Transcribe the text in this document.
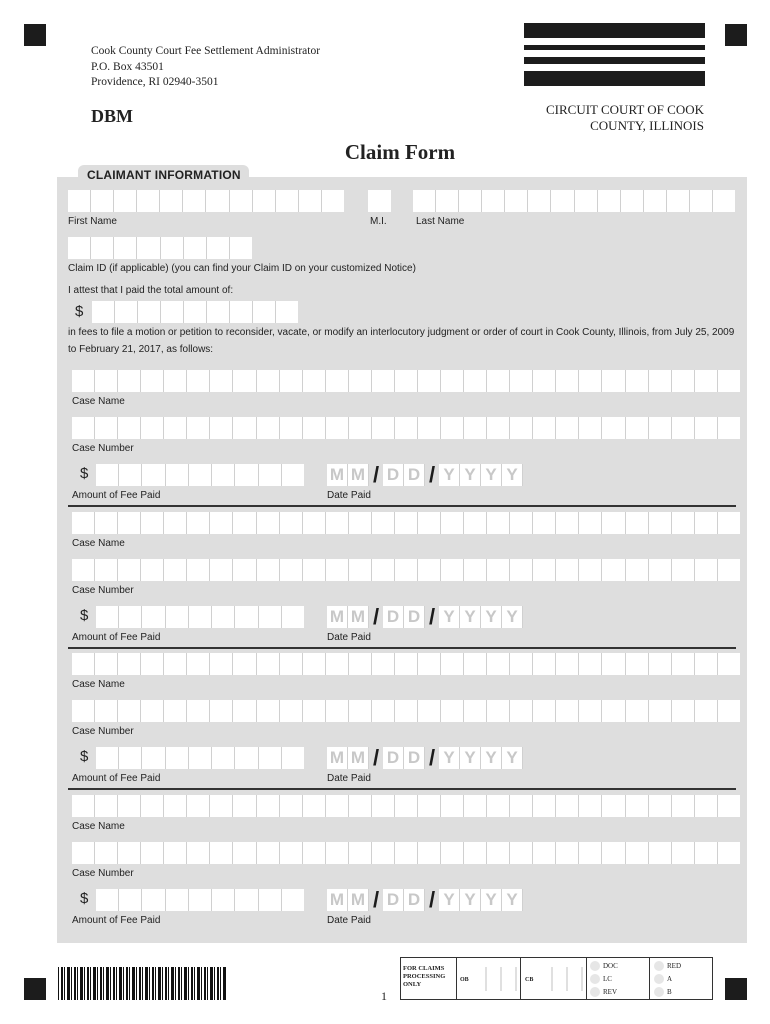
Cook County Court Fee Settlement Administrator
P.O. Box 43501
Providence, RI 02940-3501
DBM	CIRCUIT COURT OF COOK
COUNTY, ILLINOIS
Claim Form
CLAIMANT INFORMATION
First Name	M.I.	Last Name
Claim ID (if applicable) (you can find your Claim ID on your customized Notice)
I attest that I paid the total amount of:
$
in fees to file a motion or petition to reconsider, vacate, or modify an interlocutory judgment or order of court in Cook County, Illinois, from July 25, 2009 to February 21, 2017, as follows:
Case Name
Case Number
$
Amount of Fee Paid
M M / D D / Y Y Y Y
Date Paid
Case Name
Case Number
$
Amount of Fee Paid
M M / D D / Y Y Y Y
Date Paid
Case Name
Case Number
$
Amount of Fee Paid
M M / D D / Y Y Y Y
Date Paid
Case Name
Case Number
$
Amount of Fee Paid
M M / D D / Y Y Y Y
Date Paid
1
FOR CLAIMS PROCESSING ONLY
OB	CB
DOC
LC
REV
RED
A
B
